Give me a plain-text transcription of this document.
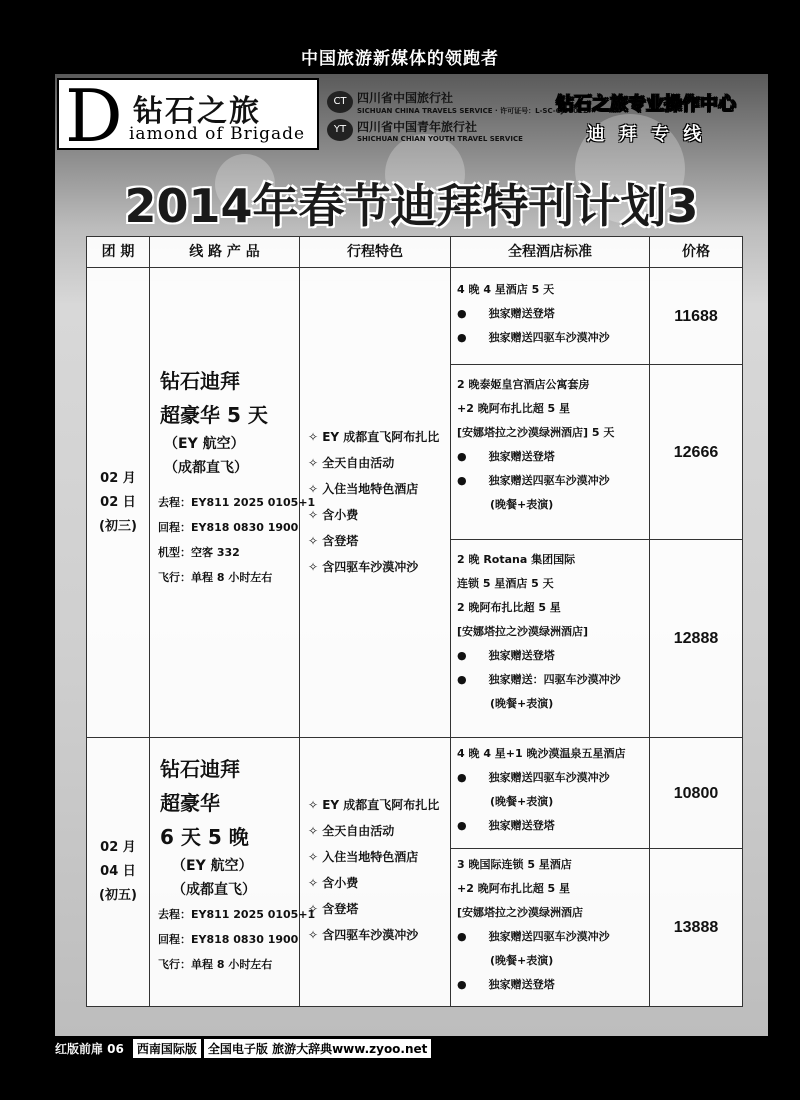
中国旅游新媒体的领跑者
D 钻石之旅
iamond of Brigade
CT 四川省中国旅行社
SICHUAN CHINA TRAVELS SERVICE · 许可证号：L-SC-CJ00012
YT 四川省中国青年旅行社
SHICHUAN CHIAN YOUTH TRAVEL SERVICE
钻石之旅专业操作中心
迪 拜 专 线
2014年春节迪拜特刊计划3
团 期	线 路 产 品	行程特色	全程酒店标准	价格
02 月
02 日
(初三)
钻石迪拜
超豪华 5 天
（EY 航空）
（成都直飞）
去程：EY811 2025 0105+1
回程：EY818 0830 1900
机型：空客 332
飞行：单程 8 小时左右
✧ EY 成都直飞阿布扎比
✧ 全天自由活动
✧ 入住当地特色酒店
✧ 含小费
✧ 含登塔
✧ 含四驱车沙漠冲沙
4 晚 4 星酒店 5 天
●　　独家赠送登塔
●　　独家赠送四驱车沙漠冲沙
11688
2 晚泰姬皇宫酒店公寓套房
+2 晚阿布扎比超 5 星
[安娜塔拉之沙漠绿洲酒店] 5 天
●　　独家赠送登塔
●　　独家赠送四驱车沙漠冲沙
　　　(晚餐+表演)
12666
2 晚 Rotana 集团国际
连锁 5 星酒店 5 天
2 晚阿布扎比超 5 星
[安娜塔拉之沙漠绿洲酒店]
●　　独家赠送登塔
●　　独家赠送：四驱车沙漠冲沙
　　　(晚餐+表演)
12888
02 月
04 日
(初五)
钻石迪拜
超豪华
6 天 5 晚
（EY 航空）
（成都直飞）
去程：EY811 2025 0105+1
回程：EY818 0830 1900
飞行：单程 8 小时左右
✧ EY 成都直飞阿布扎比
✧ 全天自由活动
✧ 入住当地特色酒店
✧ 含小费
✧ 含登塔
✧ 含四驱车沙漠冲沙
4 晚 4 星+1 晚沙漠温泉五星酒店
●　　独家赠送四驱车沙漠冲沙
　　　(晚餐+表演)
●　　独家赠送登塔
10800
3 晚国际连锁 5 星酒店
+2 晚阿布扎比超 5 星
[安娜塔拉之沙漠绿洲酒店
●　　独家赠送四驱车沙漠冲沙
　　　(晚餐+表演)
●　　独家赠送登塔
13888
红版前扉 06	西南国际版 全国电子版 旅游大辞典www.zyoo.net
